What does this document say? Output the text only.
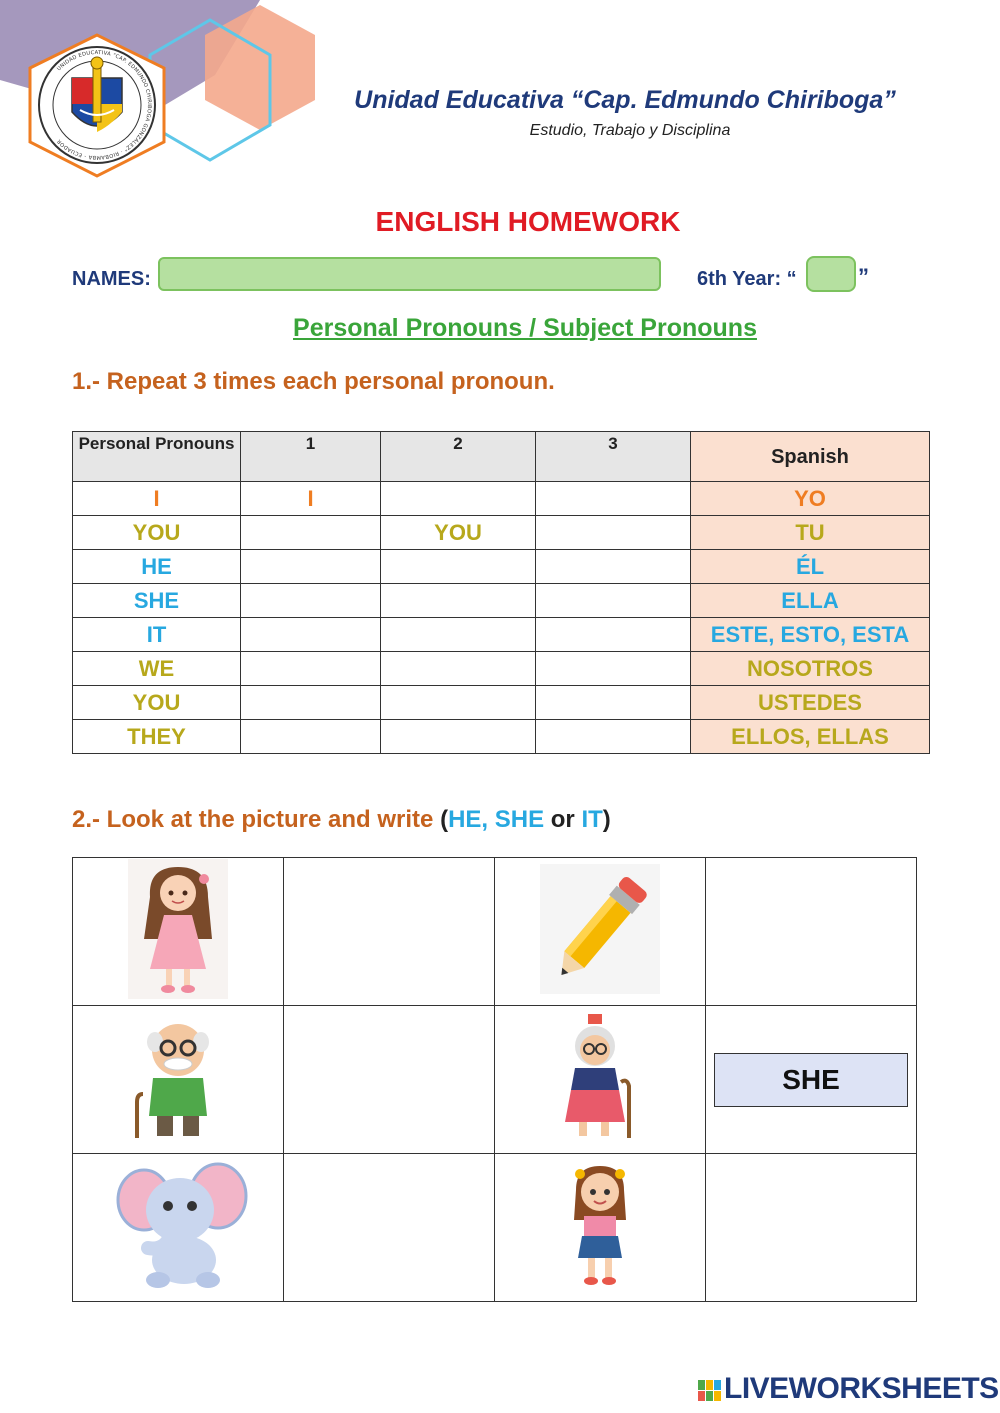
UNIDAD EDUCATIVA "CAP. EDMUNDO CHIRIBOGA GONZÁLEZ" · RIOBAMBA - ECUADOR
Unidad Educativa “Cap. Edmundo Chiriboga”
Estudio, Trabajo y Disciplina
ENGLISH HOMEWORK
NAMES:	6th Year: “	”
Personal Pronouns / Subject Pronouns
1.- Repeat 3 times each personal pronoun.
Personal Pronouns	1	2	3	Spanish
I	I			YO
YOU		YOU		TU
HE				ÉL
SHE				ELLA
IT				ESTE, ESTO, ESTA
WE				NOSOTROS
YOU				USTEDES
THEY				ELLOS, ELLAS
2.- Look at the picture and write (HE, SHE or IT)

			SHE

LIVEWORKSHEETS
